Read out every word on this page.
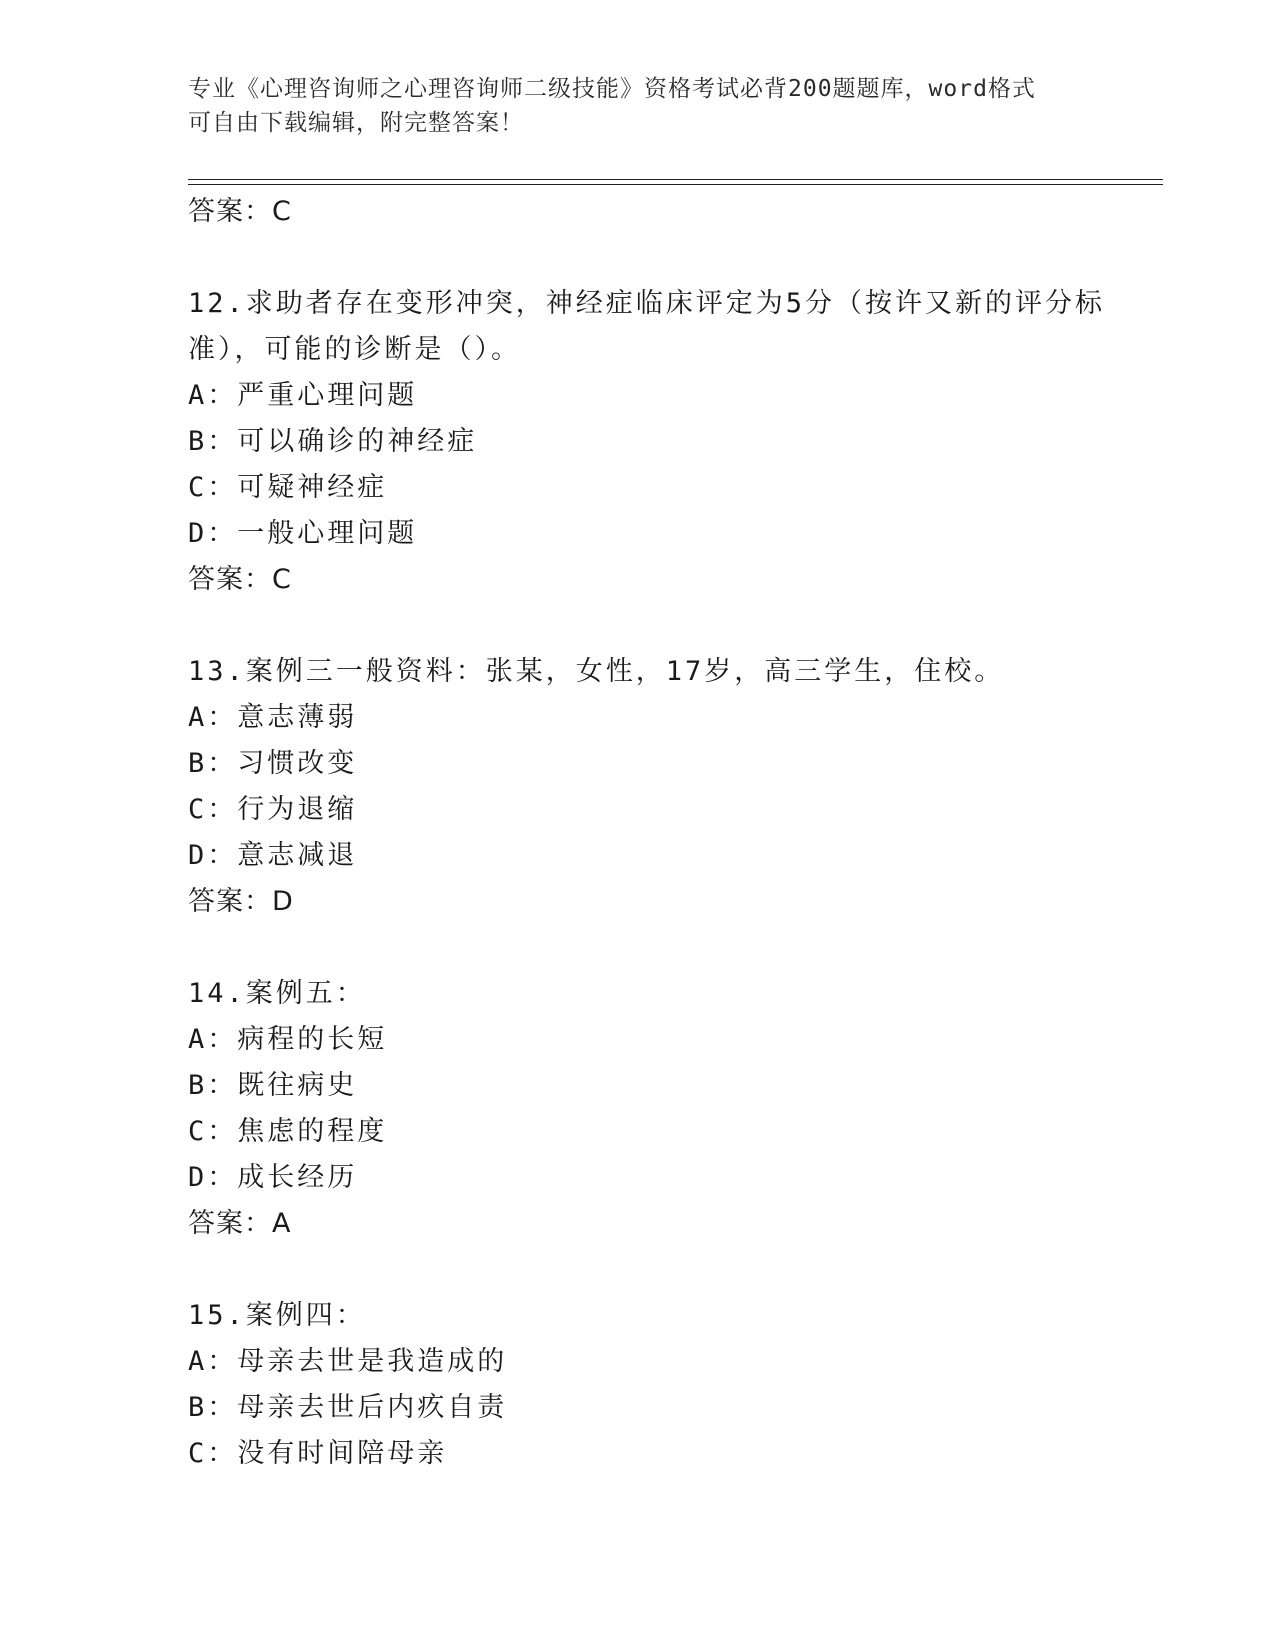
专业《心理咨询师之心理咨询师二级技能》资格考试必背200题题库，word格式
可自由下载编辑，附完整答案！
答案：C
12.求助者存在变形冲突，神经症临床评定为5分（按许又新的评分标
准），可能的诊断是（）。
A：严重心理问题
B：可以确诊的神经症
C：可疑神经症
D：一般心理问题
答案：C
13.案例三一般资料：张某，女性，17岁，高三学生，住校。
A：意志薄弱
B：习惯改变
C：行为退缩
D：意志减退
答案：D
14.案例五：
A：病程的长短
B：既往病史
C：焦虑的程度
D：成长经历
答案：A
15.案例四：
A：母亲去世是我造成的
B：母亲去世后内疚自责
C：没有时间陪母亲
